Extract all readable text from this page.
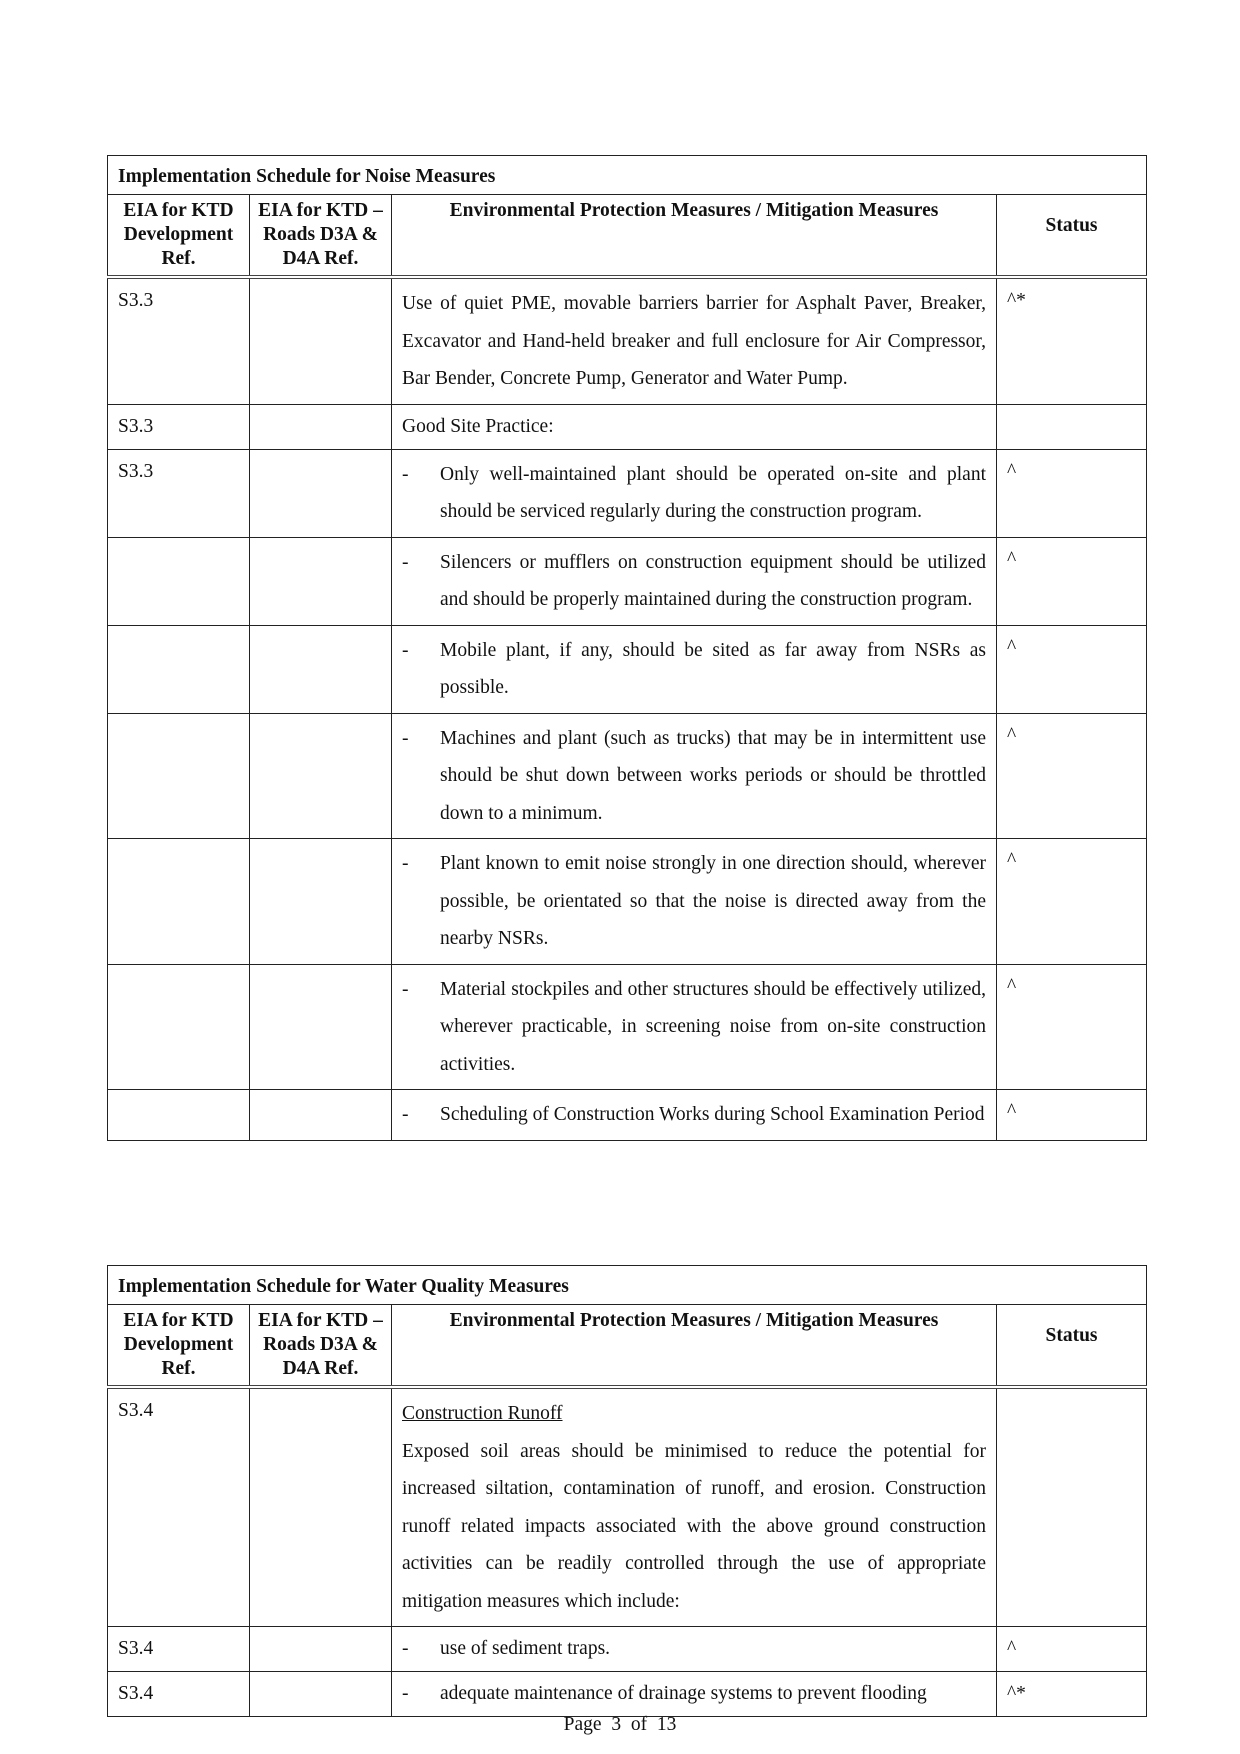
Implementation Schedule for Noise Measures			
EIA for KTD Development Ref.	EIA for KTD – Roads D3A & D4A Ref.	Environmental Protection Measures / Mitigation Measures	Status
S3.3		Use of quiet PME, movable barriers barrier for Asphalt Paver, Breaker, Excavator and Hand-held breaker and full enclosure for Air Compressor, Bar Bender, Concrete Pump, Generator and Water Pump.	^*
S3.3		Good Site Practice:	
S3.3		- Only well-maintained plant should be operated on-site and plant should be serviced regularly during the construction program.	^

		- Silencers or mufflers on construction equipment should be utilized and should be properly maintained during the construction program.	^

		- Mobile plant, if any, should be sited as far away from NSRs as possible.	^

		- Machines and plant (such as trucks) that may be in intermittent use should be shut down between works periods or should be throttled down to a minimum.	^

		- Plant known to emit noise strongly in one direction should, wherever possible, be orientated so that the noise is directed away from the nearby NSRs.	^

		- Material stockpiles and other structures should be effectively utilized, wherever practicable, in screening noise from on-site construction activities.	^

		- Scheduling of Construction Works during School Examination Period	^
Implementation Schedule for Water Quality Measures			
EIA for KTD Development Ref.	EIA for KTD – Roads D3A & D4A Ref.	Environmental Protection Measures / Mitigation Measures	Status
S3.4		Construction Runoff
Exposed soil areas should be minimised to reduce the potential for increased siltation, contamination of runoff, and erosion. Construction runoff related impacts associated with the above ground construction activities can be readily controlled through the use of appropriate mitigation measures which include:	

S3.4		- use of sediment traps.	^
S3.4		- adequate maintenance of drainage systems to prevent flooding	^*
Page 3 of 13
